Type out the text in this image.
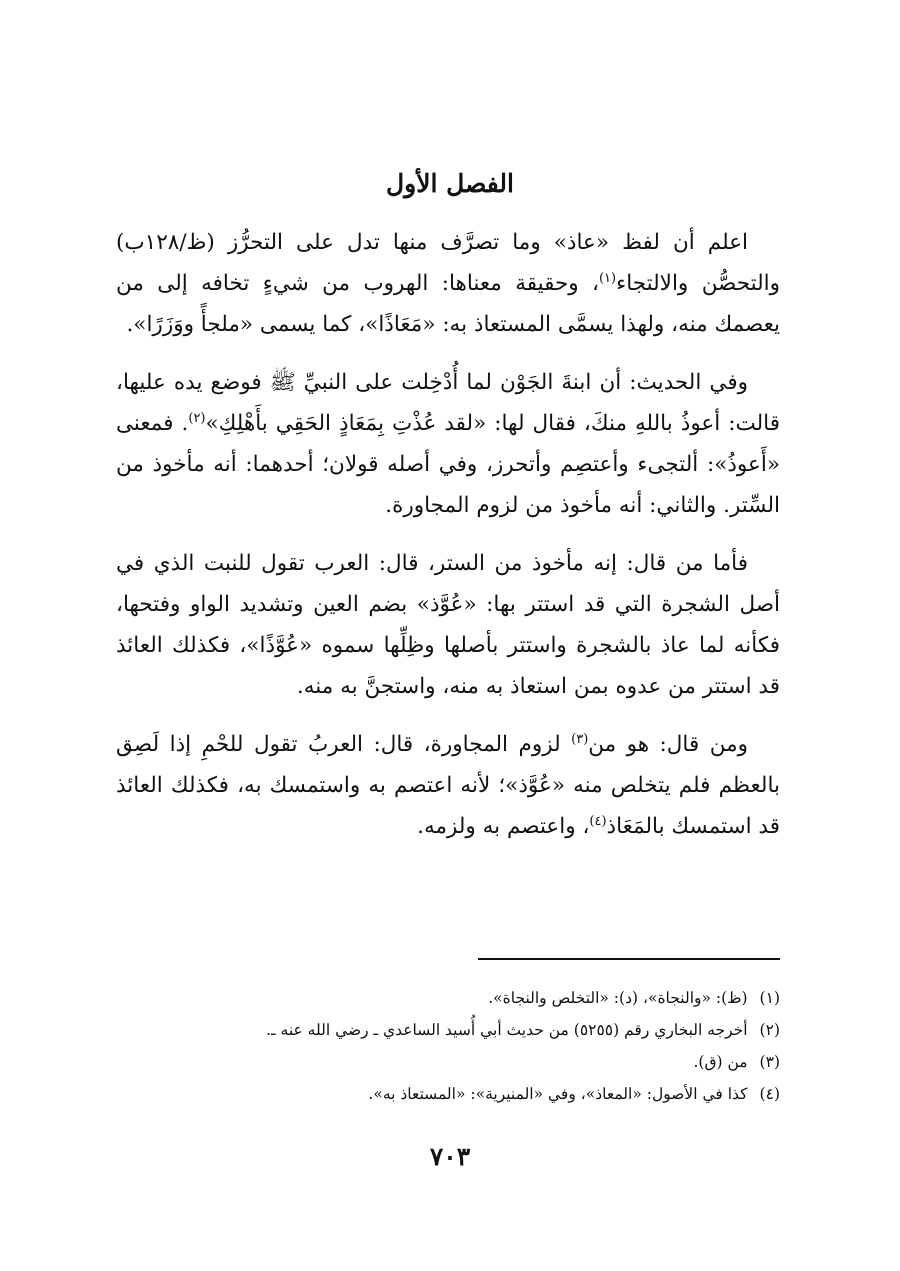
الفصل الأول

اعلم أن لفظ «عاذ» وما تصرَّف منها تدل على التحرُّز (ظ/١٢٨ب) والتحصُّن والالتجاء$^{(١)}$، وحقيقة معناها: الهروب من شيءٍ تخافه إلى من يعصمك منه، ولهذا يسمَّى المستعاذ به: «مَعَاذًا»، كما يسمى «ملجأً ووَزَرًا».

وفي الحديث: أن ابنةَ الجَوْن لما أُدْخِلت على النبيِّ ﷺ فوضع يده عليها، قالت: أعوذُ باللهِ منكَ، فقال لها: «لقد عُذْتِ بِمَعَاذٍ الحَقِي بأَهْلِكِ»$^{(٢)}$. فمعنى «أَعوذُ»: ألتجىء وأعتصِم وأتحرز، وفي أصله قولان؛ أحدهما: أنه مأخوذ من السِّتر. والثاني: أنه مأخوذ من لزوم المجاورة.

فأما من قال: إنه مأخوذ من الستر، قال: العرب تقول للنبت الذي في أصل الشجرة التي قد استتر بها: «عُوَّذ» بضم العين وتشديد الواو وفتحها، فكأنه لما عاذ بالشجرة واستتر بأصلها وظِلِّها سموه «عُوَّذًا»، فكذلك العائذ قد استتر من عدوه بمن استعاذ به منه، واستجنَّ به منه.

ومن قال: هو من$^{(٣)}$ لزوم المجاورة، قال: العربُ تقول للحْمِ إذا لَصِق بالعظم فلم يتخلص منه «عُوَّذ»؛ لأنه اعتصم به واستمسك به، فكذلك العائذ قد استمسك بالمَعَاذ$^{(٤)}$، واعتصم به ولزمه.

(١)
(ظ): «والنجاة»، (د): «التخلص والنجاة».
(٢)
أخرجه البخاري رقم (٥٢٥٥) من حديث أبي أُسيد الساعدي ـ رضي الله عنه ـ.
(٣)
من (ق).
(٤)
كذا في الأصول: «المعاذ»، وفي «المنيرية»: «المستعاذ به».
٧٠٣
